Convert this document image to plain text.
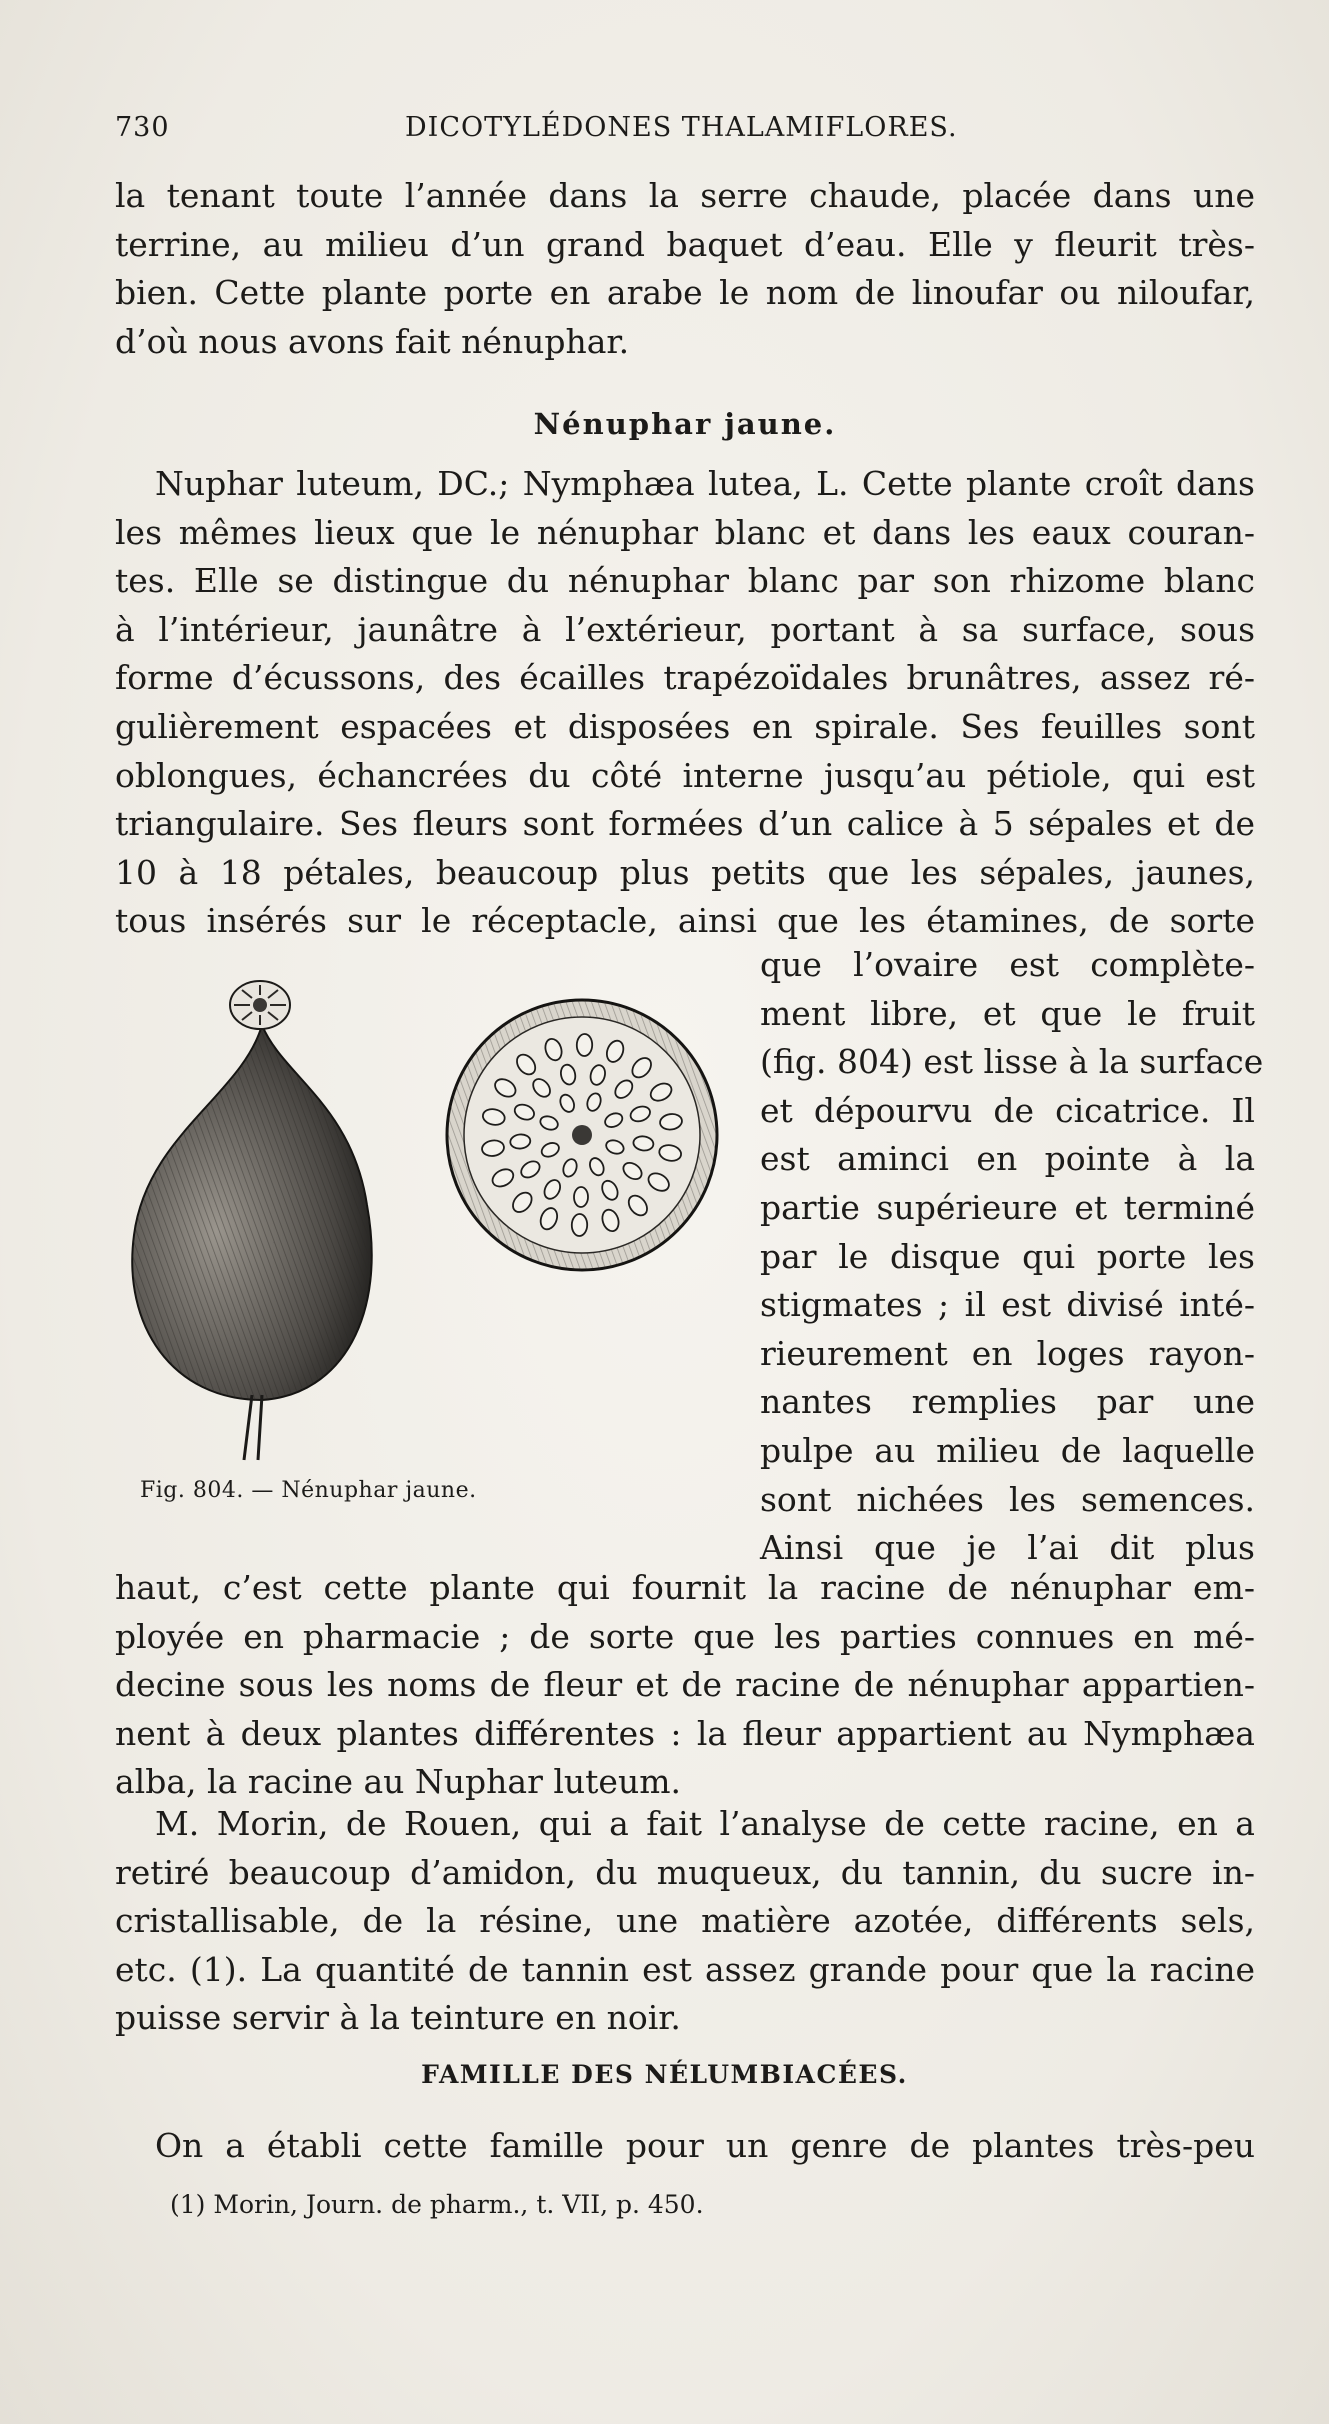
730	DICOTYLÉDONES THALAMIFLORES.
la tenant toute l’année dans la serre chaude, placée dans une
terrine, au milieu d’un grand baquet d’eau. Elle y fleurit très-
bien. Cette plante porte en arabe le nom de linoufar ou niloufar,
d’où nous avons fait nénuphar.
Nénuphar jaune.
Nuphar luteum, DC.; Nymphæa lutea, L. Cette plante croît dans
les mêmes lieux que le nénuphar blanc et dans les eaux couran-
tes. Elle se distingue du nénuphar blanc par son rhizome blanc
à l’intérieur, jaunâtre à l’extérieur, portant à sa surface, sous
forme d’écussons, des écailles trapézoïdales brunâtres, assez ré-
gulièrement espacées et disposées en spirale. Ses feuilles sont
oblongues, échancrées du côté interne jusqu’au pétiole, qui est
triangulaire. Ses fleurs sont formées d’un calice à 5 sépales et de
10 à 18 pétales, beaucoup plus petits que les sépales, jaunes,
tous insérés sur le réceptacle, ainsi que les étamines, de sorte
Fig. 804. — Nénuphar jaune.
que l’ovaire est complète-
ment libre, et que le fruit
(fig. 804) est lisse à la surface
et dépourvu de cicatrice. Il
est aminci en pointe à la
partie supérieure et terminé
par le disque qui porte les
stigmates ; il est divisé inté-
rieurement en loges rayon-
nantes remplies par une
pulpe au milieu de laquelle
sont nichées les semences.
Ainsi que je l’ai dit plus
haut, c’est cette plante qui fournit la racine de nénuphar em-
ployée en pharmacie ; de sorte que les parties connues en mé-
decine sous les noms de fleur et de racine de nénuphar appartien-
nent à deux plantes différentes : la fleur appartient au Nymphæa
alba, la racine au Nuphar luteum.
M. Morin, de Rouen, qui a fait l’analyse de cette racine, en a
retiré beaucoup d’amidon, du muqueux, du tannin, du sucre in-
cristallisable, de la résine, une matière azotée, différents sels,
etc. (1). La quantité de tannin est assez grande pour que la racine
puisse servir à la teinture en noir.
FAMILLE DES NÉLUMBIACÉES.
On a établi cette famille pour un genre de plantes très-peu
(1) Morin, Journ. de pharm., t. VII, p. 450.
